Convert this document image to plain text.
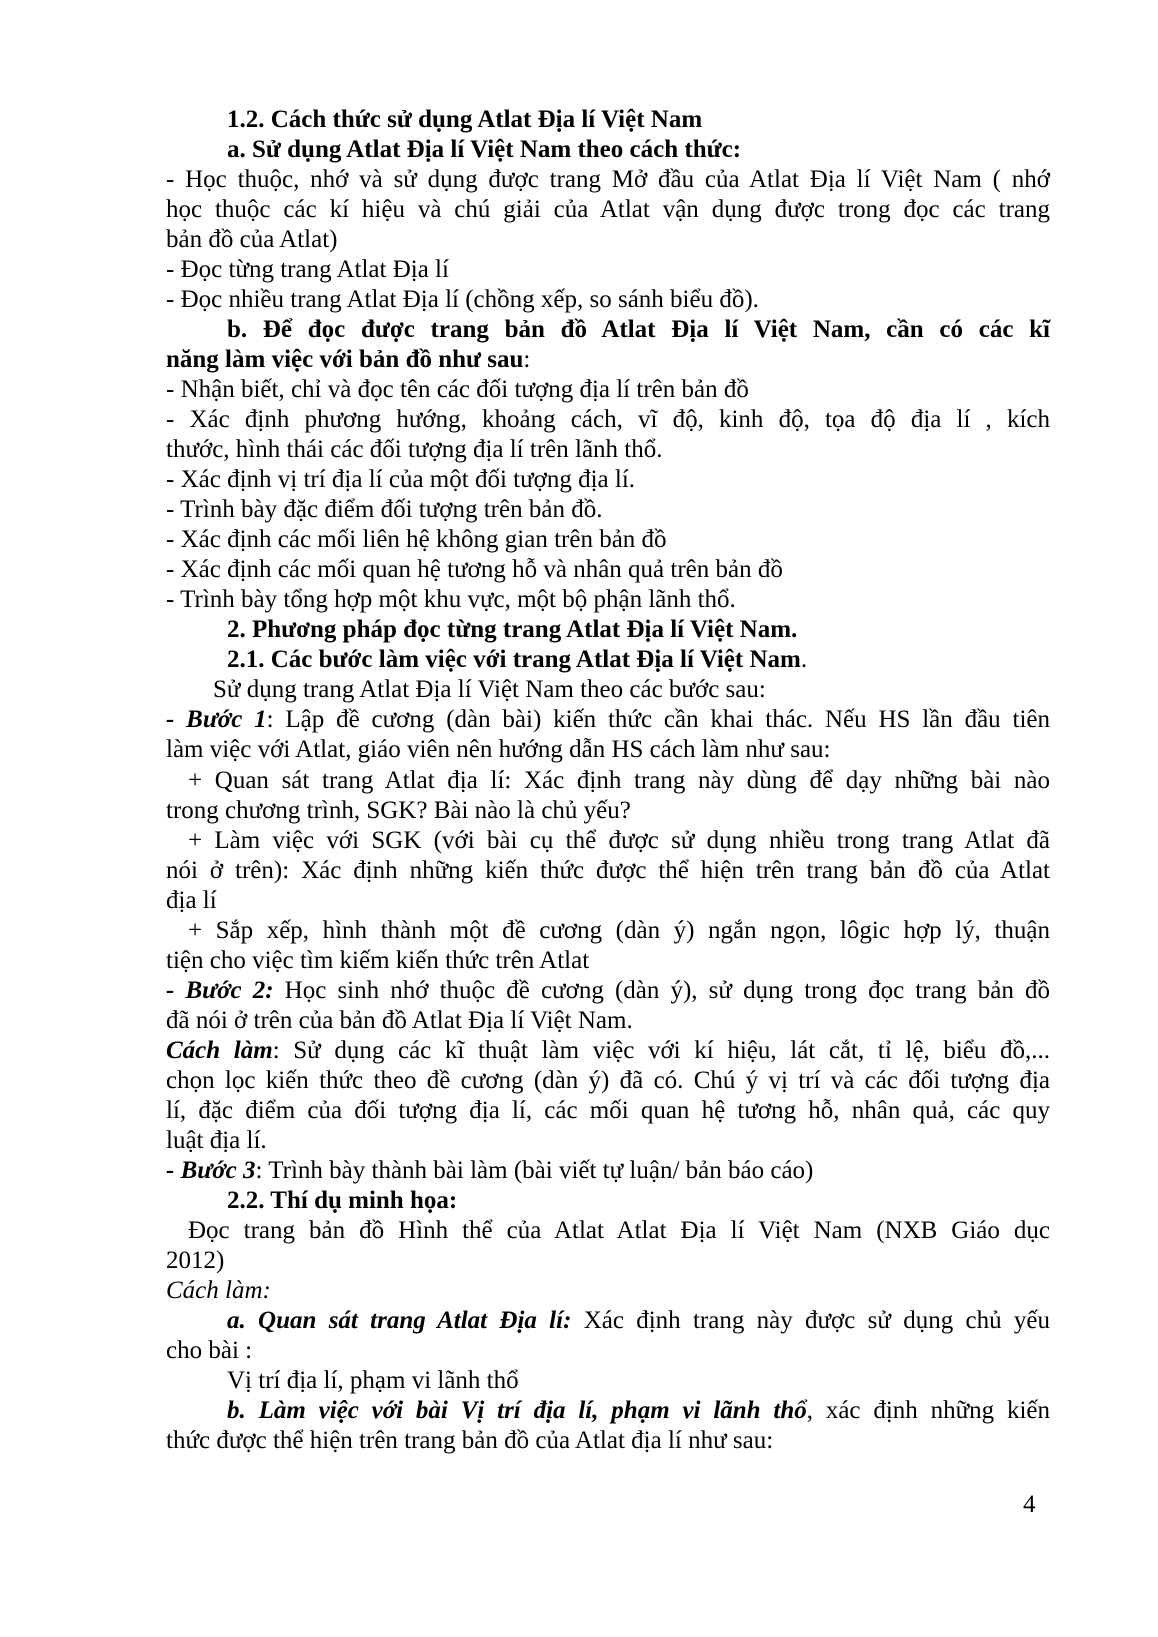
1.2. Cách thức sử dụng Atlat Địa lí Việt Nam
a. Sử dụng Atlat Địa lí Việt Nam theo cách thức:
- Học thuộc, nhớ và sử dụng được trang Mở đầu của Atlat Địa lí Việt Nam ( nhớ
học thuộc các kí hiệu và chú giải của Atlat vận dụng được trong đọc các trang
bản đồ của Atlat)
- Đọc từng trang Atlat Địa lí
- Đọc nhiều trang Atlat Địa lí (chồng xếp, so sánh biểu đồ).
b. Để đọc được trang bản đồ Atlat Địa lí Việt Nam, cần có các kĩ
năng làm việc với bản đồ như sau:
- Nhận biết, chỉ và đọc tên các đối tượng địa lí trên bản đồ
- Xác định phương hướng, khoảng cách, vĩ độ, kinh độ, tọa độ địa lí , kích
thước, hình thái các đối tượng địa lí trên lãnh thổ.
- Xác định vị trí địa lí của một đối tượng địa lí.
- Trình bày đặc điểm đối tượng trên bản đồ.
- Xác định các mối liên hệ không gian trên bản đồ
- Xác định các mối quan hệ tương hỗ và nhân quả trên bản đồ
- Trình bày tổng hợp một khu vực, một bộ phận lãnh thổ.
2. Phương pháp đọc từng trang Atlat Địa lí Việt Nam.
2.1. Các bước làm việc với trang Atlat Địa lí Việt Nam.
Sử dụng trang Atlat Địa lí Việt Nam theo các bước sau:
- Bước 1: Lập đề cương (dàn bài) kiến thức cần khai thác. Nếu HS lần đầu tiên
làm việc với Atlat, giáo viên nên hướng dẫn HS cách làm như sau:
+ Quan sát trang Atlat địa lí: Xác định trang này dùng để dạy những bài nào
trong chương trình, SGK? Bài nào là chủ yếu?
+ Làm việc với SGK (với bài cụ thể được sử dụng nhiều trong trang Atlat đã
nói ở trên): Xác định những kiến thức được thể hiện trên trang bản đồ của Atlat
địa lí
+ Sắp xếp, hình thành một đề cương (dàn ý) ngắn ngọn, lôgic hợp lý, thuận
tiện cho việc tìm kiếm kiến thức trên Atlat
- Bước 2: Học sinh nhớ thuộc đề cương (dàn ý), sử dụng trong đọc trang bản đồ
đã nói ở trên của bản đồ Atlat Địa lí Việt Nam.
Cách làm: Sử dụng các kĩ thuật làm việc với kí hiệu, lát cắt, tỉ lệ, biểu đồ,...
chọn lọc kiến thức theo đề cương (dàn ý) đã có. Chú ý vị trí và các đối tượng địa
lí, đặc điểm của đối tượng địa lí, các mối quan hệ tương hỗ, nhân quả, các quy
luật địa lí.
- Bước 3: Trình bày thành bài làm (bài viết tự luận/ bản báo cáo)
2.2. Thí dụ minh họa:
Đọc trang bản đồ Hình thể của Atlat Atlat Địa lí Việt Nam (NXB Giáo dục
2012)
Cách làm:
a. Quan sát trang Atlat Địa lí: Xác định trang này được sử dụng chủ yếu
cho bài :
Vị trí địa lí, phạm vi lãnh thổ
b. Làm việc với bài Vị trí địa lí, phạm vi lãnh thổ, xác định những kiến
thức được thể hiện trên trang bản đồ của Atlat địa lí như sau:
4
